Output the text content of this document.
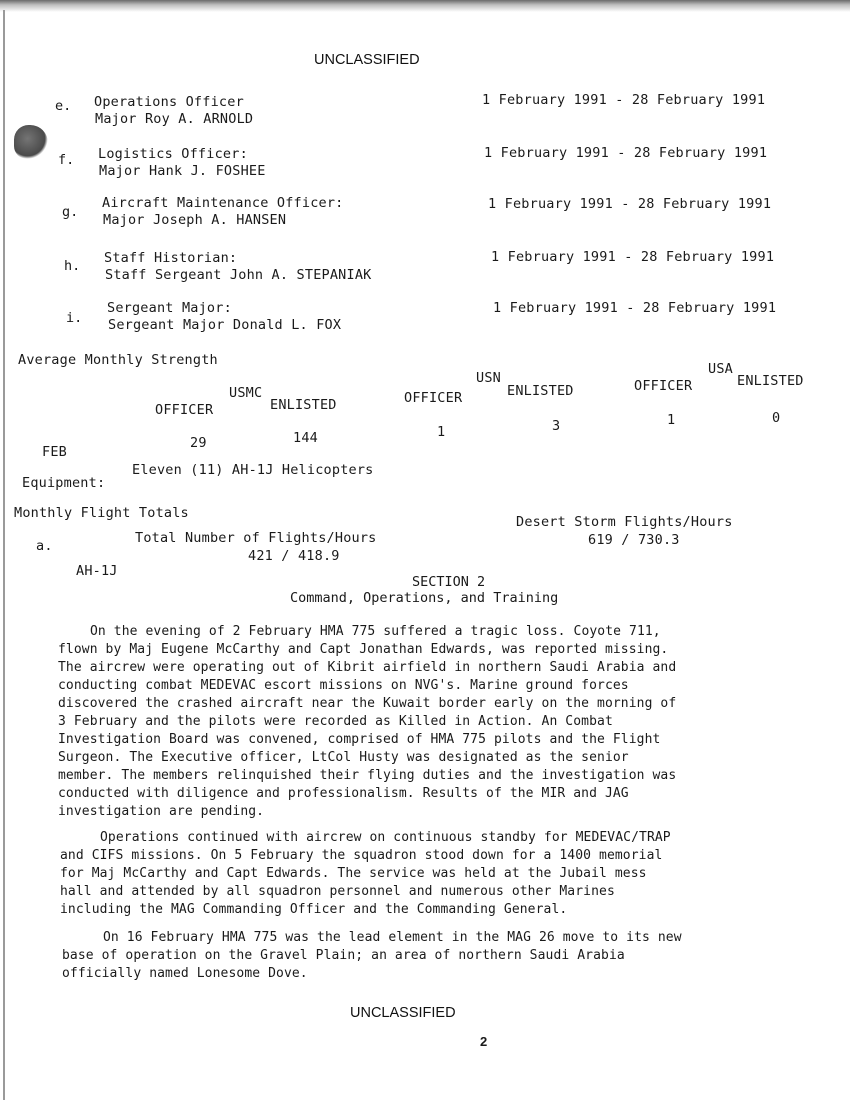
UNCLASSIFIED
e. Operations Officer
Major Roy A. ARNOLD
1 February 1991 - 28 February 1991
f. Logistics Officer:
Major Hank J. FOSHEE
1 February 1991 - 28 February 1991
g.
Aircraft Maintenance Officer:
Major Joseph A. HANSEN
1 February 1991 - 28 February 1991
h. Staff Historian:
Staff Sergeant John A. STEPANIAK
1 February 1991 - 28 February 1991
i.
Sergeant Major:
Sergeant Major Donald L. FOX
1 February 1991 - 28 February 1991
Average Monthly Strength
USMC
USN
USA
OFFICER	ENLISTED	OFFICER	ENLISTED	OFFICER	ENLISTED
FEB
29	144	1	3	1	0
Equipment:
Eleven (11) AH-1J Helicopters
Monthly Flight Totals
a.	Total Number of Flights/Hours
421 / 418.9
Desert Storm Flights/Hours
619 / 730.3
AH-1J
SECTION 2
Command, Operations, and Training
On the evening of 2 February HMA 775 suffered a tragic loss. Coyote 711,
flown by Maj Eugene McCarthy and Capt Jonathan Edwards, was reported missing.
The aircrew were operating out of Kibrit airfield in northern Saudi Arabia and
conducting combat MEDEVAC escort missions on NVG's. Marine ground forces
discovered the crashed aircraft near the Kuwait border early on the morning of
3 February and the pilots were recorded as Killed in Action. An Combat
Investigation Board was convened, comprised of HMA 775 pilots and the Flight
Surgeon. The Executive officer, LtCol Husty was designated as the senior
member. The members relinquished their flying duties and the investigation was
conducted with diligence and professionalism. Results of the MIR and JAG
investigation are pending.
Operations continued with aircrew on continuous standby for MEDEVAC/TRAP
and CIFS missions. On 5 February the squadron stood down for a 1400 memorial
for Maj McCarthy and Capt Edwards. The service was held at the Jubail mess
hall and attended by all squadron personnel and numerous other Marines
including the MAG Commanding Officer and the Commanding General.
On 16 February HMA 775 was the lead element in the MAG 26 move to its new
base of operation on the Gravel Plain; an area of northern Saudi Arabia
officially named Lonesome Dove.
UNCLASSIFIED
2
